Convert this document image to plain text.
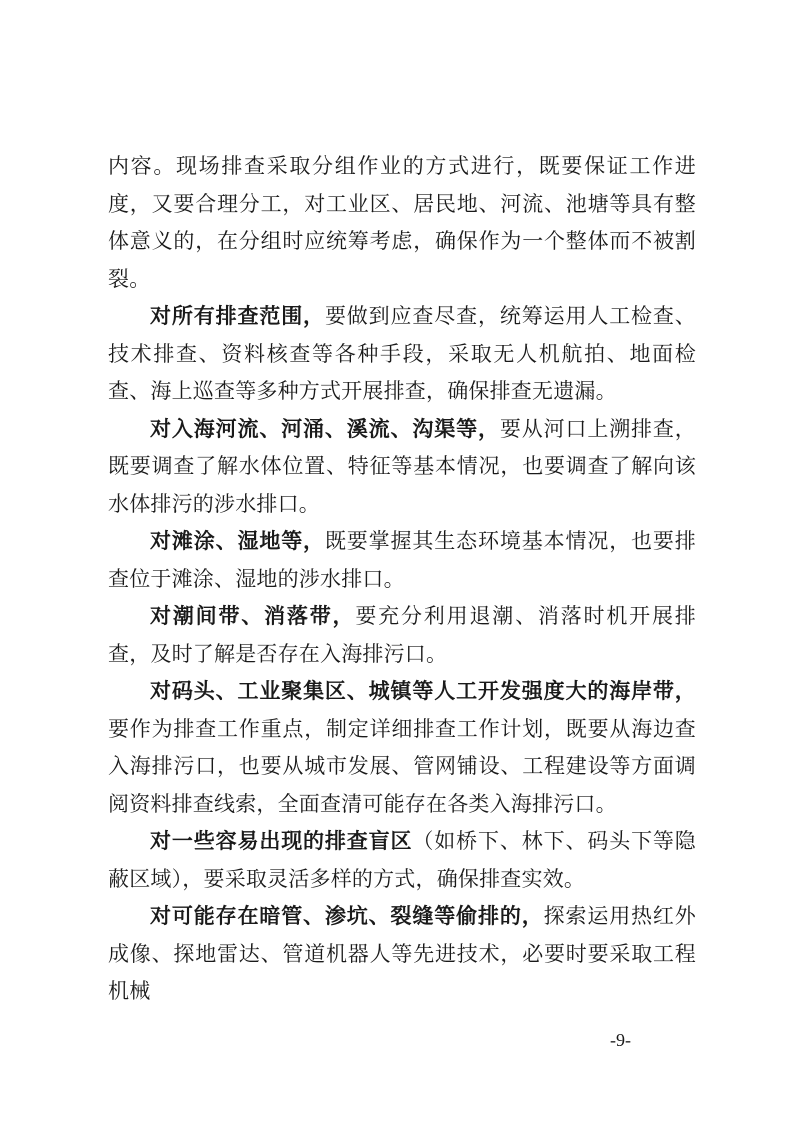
内容。现场排查采取分组作业的方式进行，既要保证工作进度，又要合理分工，对工业区、居民地、河流、池塘等具有整体意义的，在分组时应统筹考虑，确保作为一个整体而不被割裂。

对所有排查范围，要做到应查尽查，统筹运用人工检查、技术排查、资料核查等各种手段，采取无人机航拍、地面检查、海上巡查等多种方式开展排查，确保排查无遗漏。

对入海河流、河涌、溪流、沟渠等，要从河口上溯排查，既要调查了解水体位置、特征等基本情况，也要调查了解向该水体排污的涉水排口。

对滩涂、湿地等，既要掌握其生态环境基本情况，也要排查位于滩涂、湿地的涉水排口。

对潮间带、消落带，要充分利用退潮、消落时机开展排查，及时了解是否存在入海排污口。

对码头、工业聚集区、城镇等人工开发强度大的海岸带，要作为排查工作重点，制定详细排查工作计划，既要从海边查入海排污口，也要从城市发展、管网铺设、工程建设等方面调阅资料排查线索，全面查清可能存在各类入海排污口。

对一些容易出现的排查盲区（如桥下、林下、码头下等隐蔽区域），要采取灵活多样的方式，确保排查实效。

对可能存在暗管、渗坑、裂缝等偷排的，探索运用热红外成像、探地雷达、管道机器人等先进技术，必要时要采取工程机械

-9-
